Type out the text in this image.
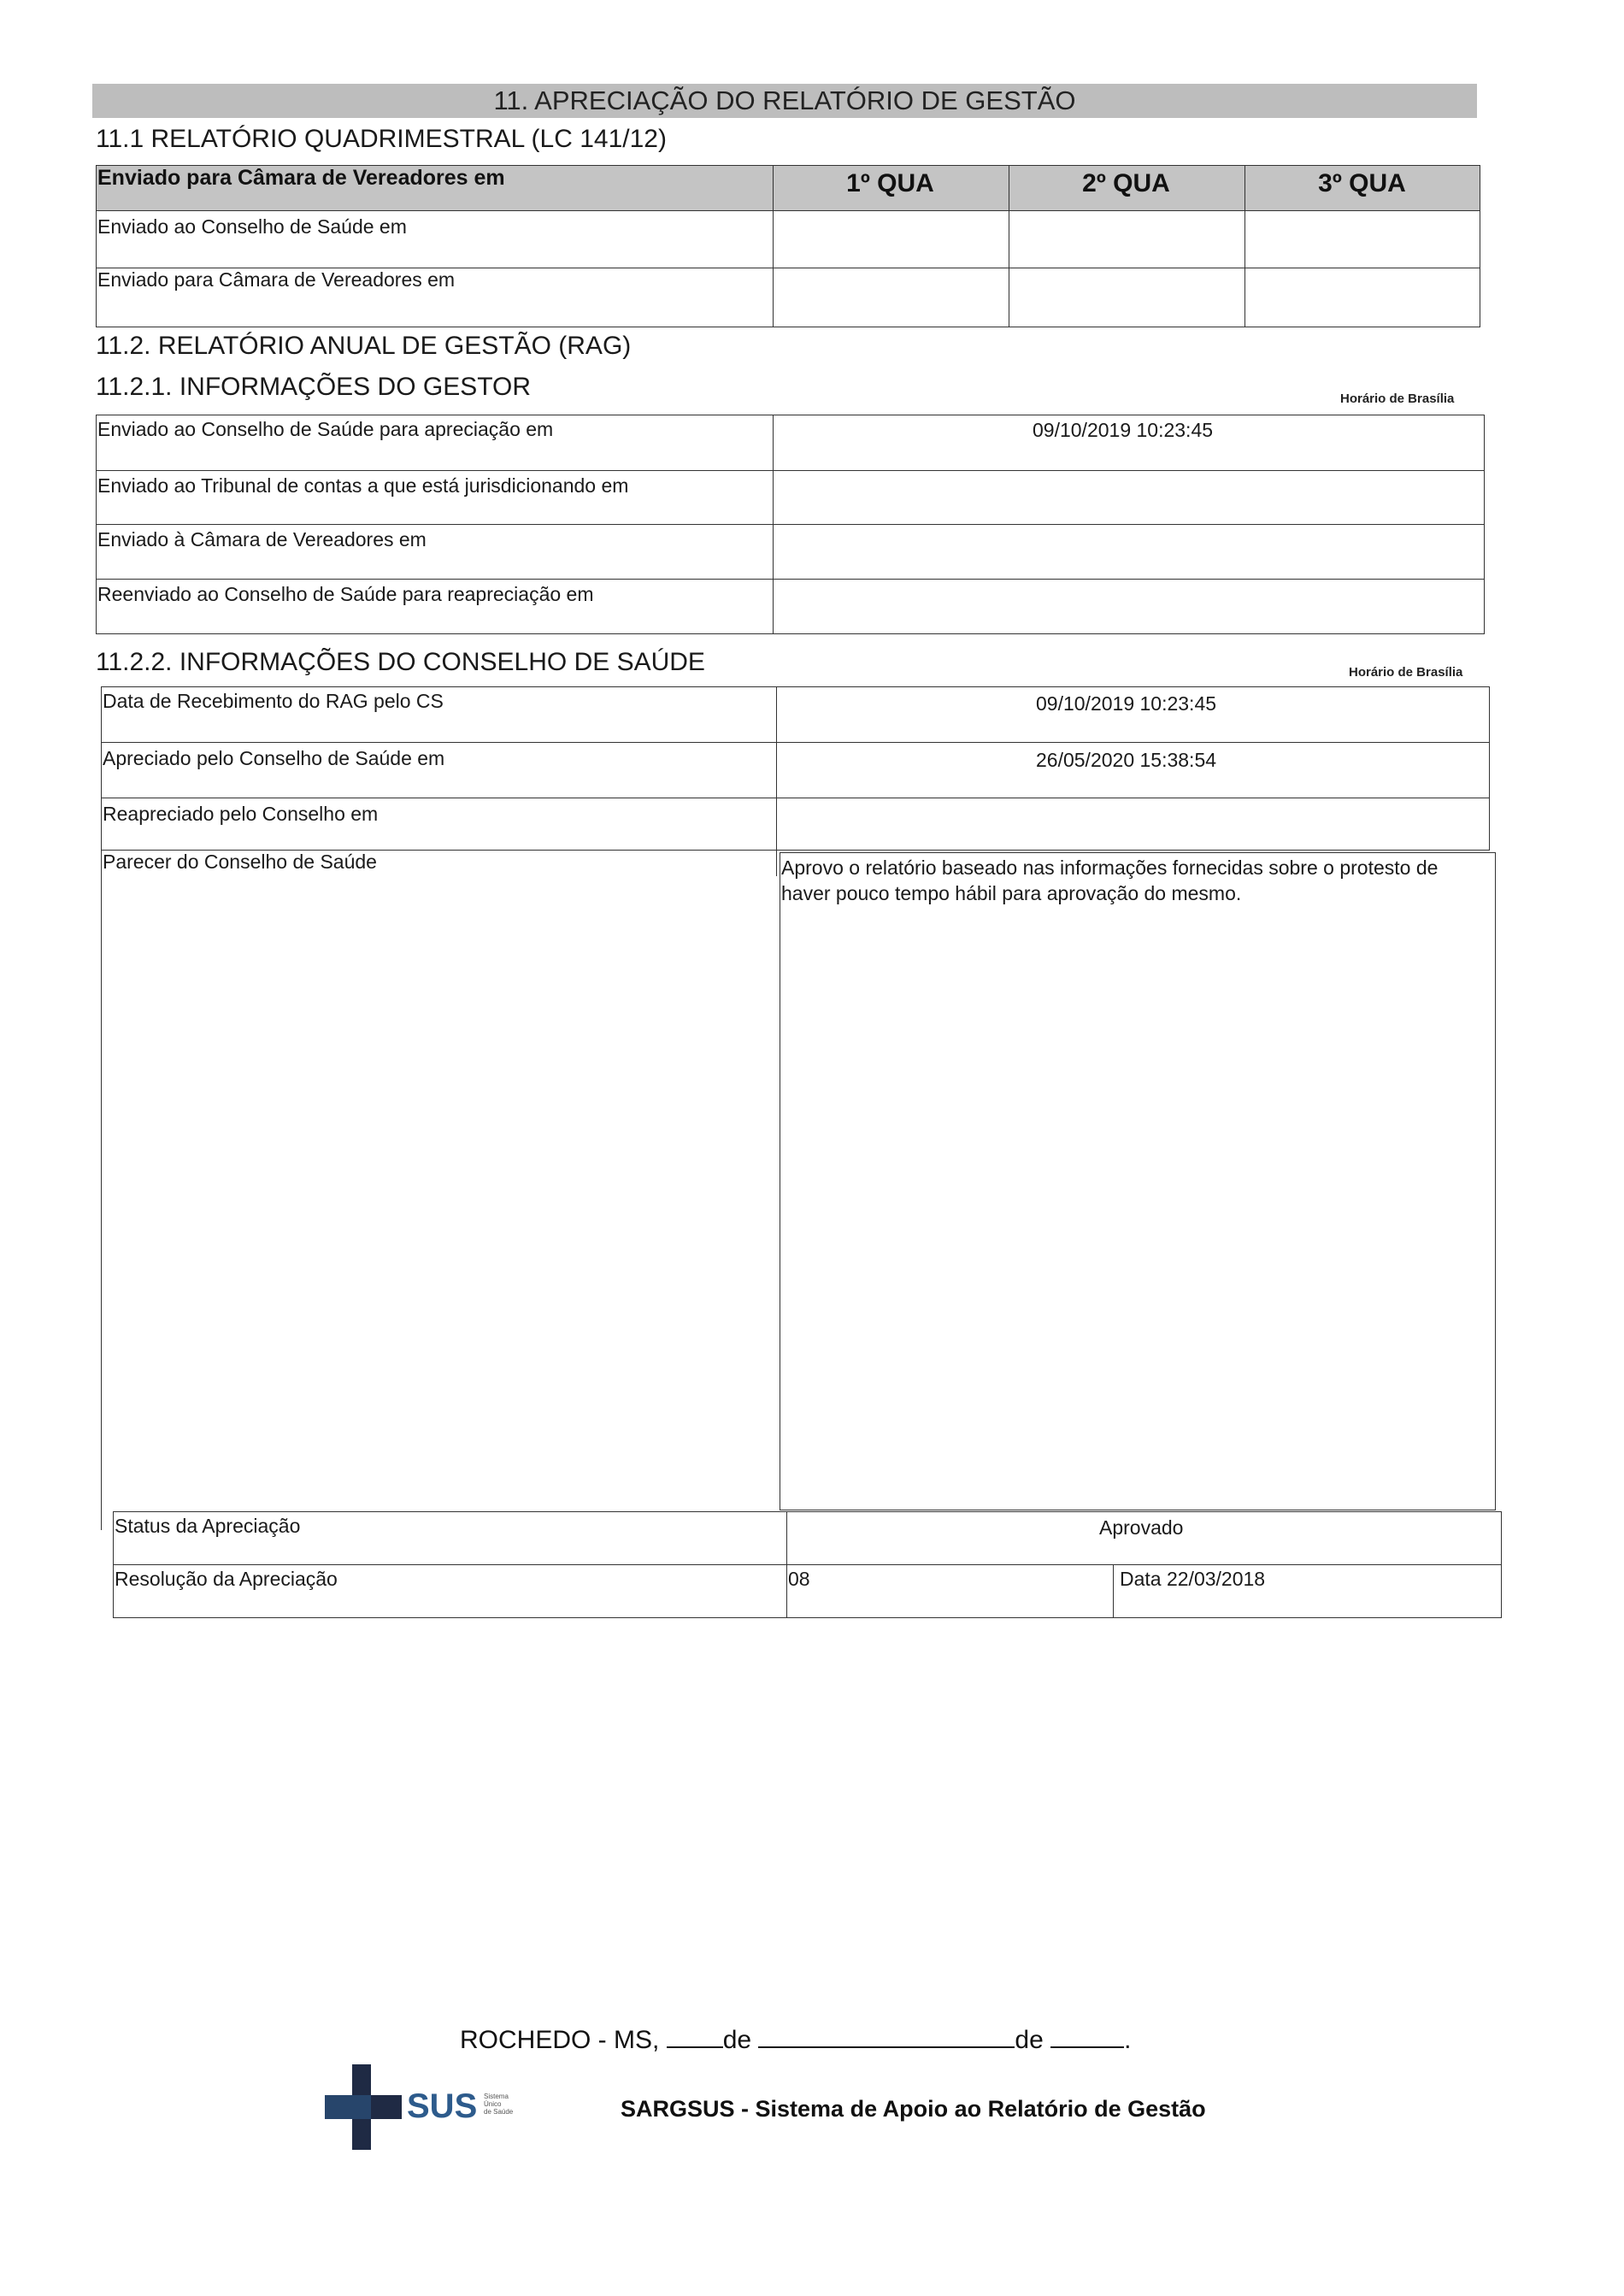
11. APRECIAÇÃO DO RELATÓRIO DE GESTÃO
11.1 RELATÓRIO QUADRIMESTRAL (LC 141/12)
Enviado para Câmara de Vereadores em	1º QUA	2º QUA	3º QUA
Enviado ao Conselho de Saúde em
Enviado para Câmara de Vereadores em
11.2. RELATÓRIO ANUAL DE GESTÃO (RAG)
11.2.1. INFORMAÇÕES DO GESTOR	Horário de Brasília
Enviado ao Conselho de Saúde para apreciação em	09/10/2019 10:23:45
Enviado ao Tribunal de contas a que está jurisdicionando em
Enviado à Câmara de Vereadores em
Reenviado ao Conselho de Saúde para reapreciação em
11.2.2. INFORMAÇÕES DO CONSELHO DE SAÚDE	Horário de Brasília
Data de Recebimento do RAG pelo CS	09/10/2019 10:23:45
Apreciado pelo Conselho de Saúde em	26/05/2020 15:38:54
Reapreciado pelo Conselho em
Parecer do Conselho de Saúde	Aprovo o relatório baseado nas informações fornecidas sobre o protesto de haver pouco tempo hábil para aprovação do mesmo.
Status da Apreciação	Aprovado
Resolução da Apreciação	08	Data 22/03/2018
ROCHEDO - MS, de	de	.
SUS Sistema
Único
de Saúde	SARGSUS - Sistema de Apoio ao Relatório de Gestão
